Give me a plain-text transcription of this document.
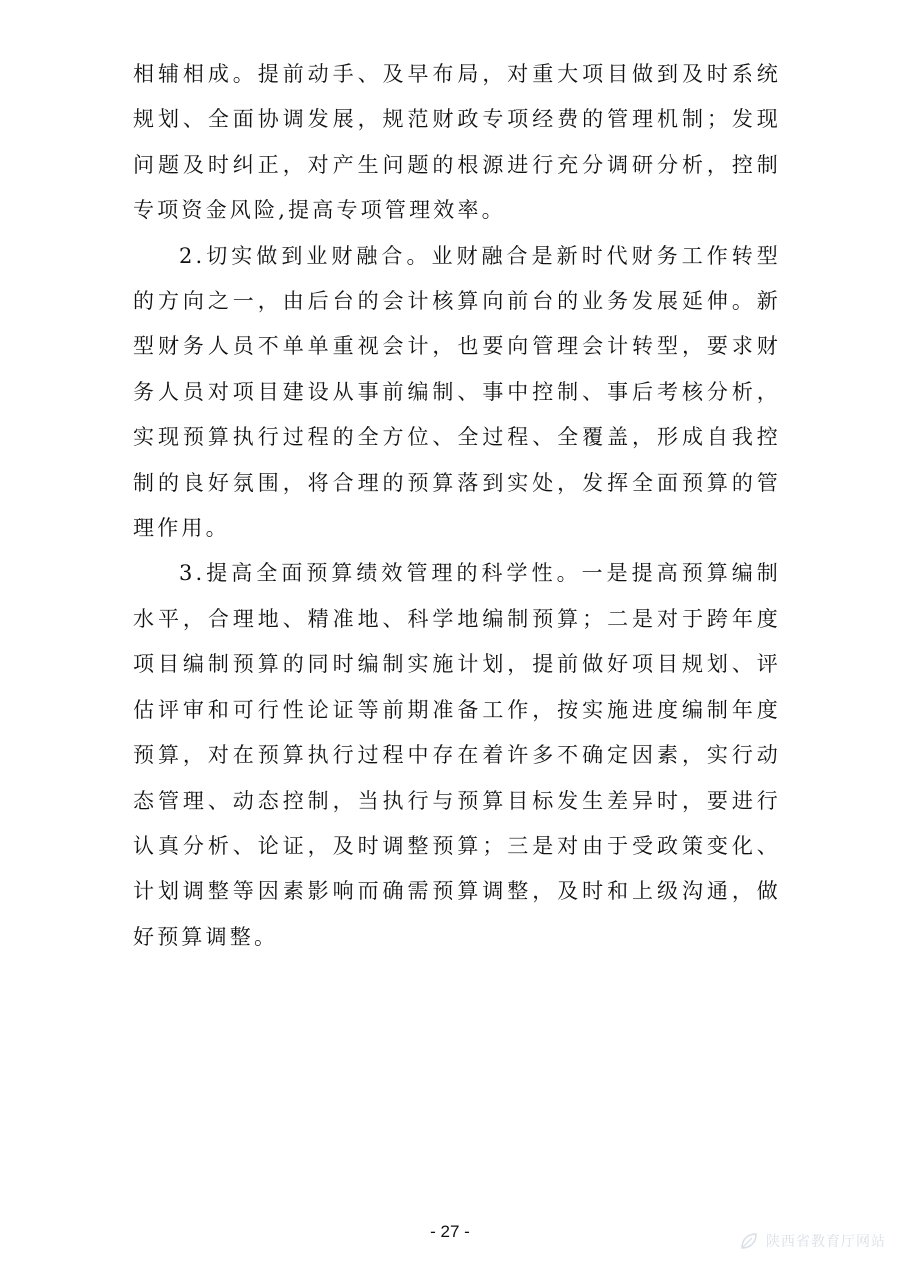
相辅相成。提前动手、及早布局，对重大项目做到及时系统规划、全面协调发展，规范财政专项经费的管理机制；发现问题及时纠正，对产生问题的根源进行充分调研分析，控制专项资金风险,提高专项管理效率。

2.切实做到业财融合。业财融合是新时代财务工作转型的方向之一，由后台的会计核算向前台的业务发展延伸。新型财务人员不单单重视会计，也要向管理会计转型，要求财务人员对项目建设从事前编制、事中控制、事后考核分析，实现预算执行过程的全方位、全过程、全覆盖，形成自我控制的良好氛围，将合理的预算落到实处，发挥全面预算的管理作用。

3.提高全面预算绩效管理的科学性。一是提高预算编制水平，合理地、精准地、科学地编制预算；二是对于跨年度项目编制预算的同时编制实施计划，提前做好项目规划、评估评审和可行性论证等前期准备工作，按实施进度编制年度预算，对在预算执行过程中存在着许多不确定因素，实行动态管理、动态控制，当执行与预算目标发生差异时，要进行认真分析、论证，及时调整预算；三是对由于受政策变化、计划调整等因素影响而确需预算调整，及时和上级沟通，做好预算调整。

- 27 -
陕西省教育厅网站
